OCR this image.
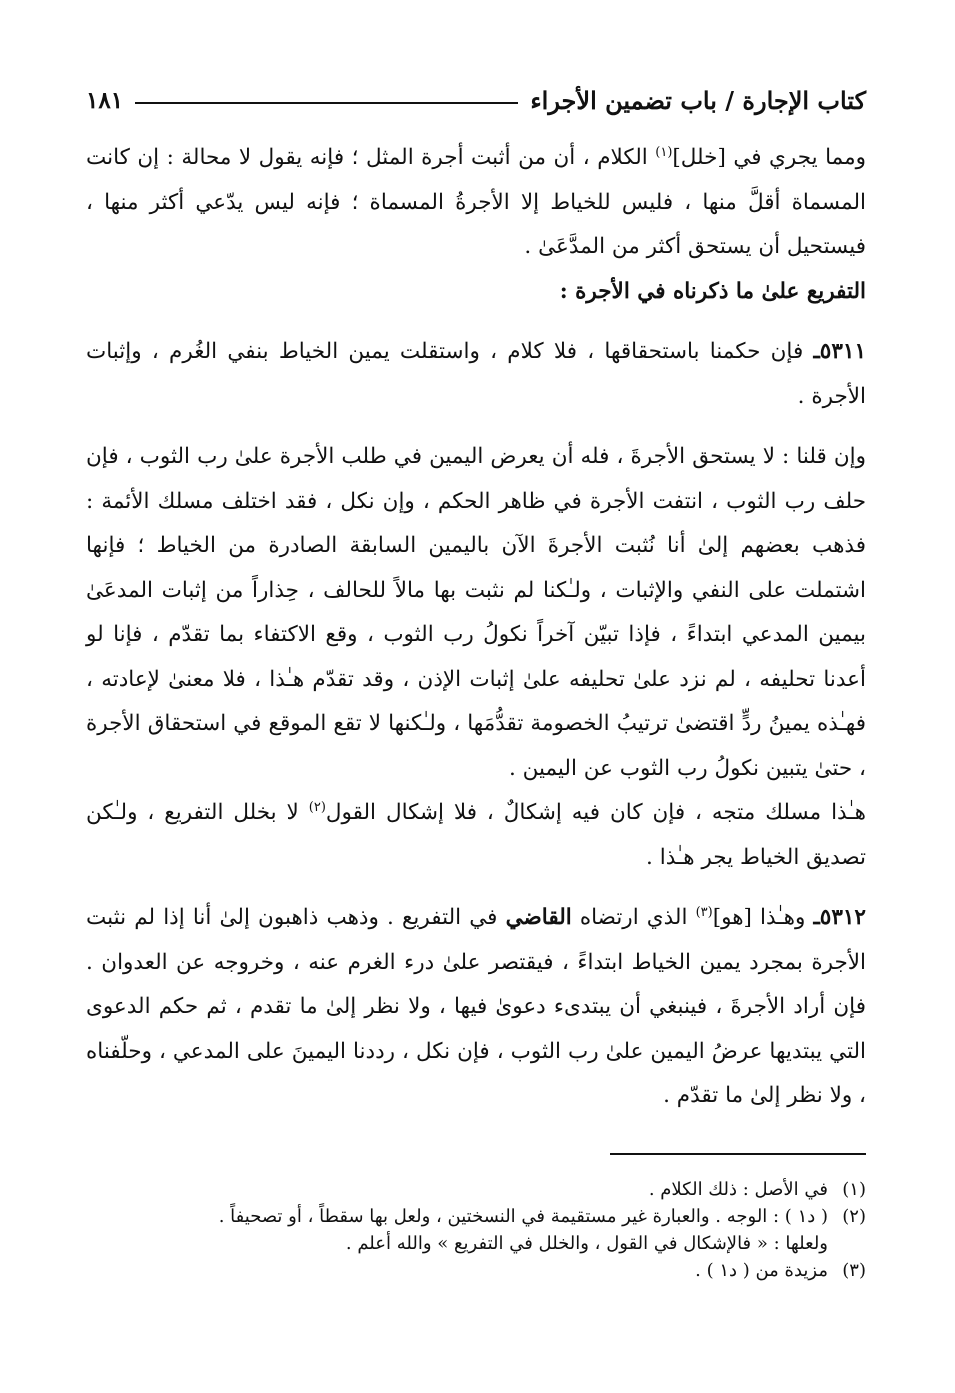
كتاب الإجارة / باب تضمين الأجراء
١٨١

ومما يجري في [خلل]$^{(١)}$ الكلام ، أن من أثبت أجرة المثل ؛ فإنه يقول لا محالة : إن كانت المسماة أقلَّ منها ، فليس للخياط إلا الأجرةُ المسماة ؛ فإنه ليس يدّعي أكثر منها ، فيستحيل أن يستحق أكثر من المدَّعَىٰ .

التفريع علىٰ ما ذكرناه في الأجرة :

٥٣١١ـ فإن حكمنا باستحقاقها ، فلا كلام ، واستقلت يمين الخياط بنفي الغُرم ، وإثبات الأجرة .

وإن قلنا : لا يستحق الأجرةَ ، فله أن يعرض اليمين في طلب الأجرة علىٰ رب الثوب ، فإن حلف رب الثوب ، انتفت الأجرة في ظاهر الحكم ، وإن نكل ، فقد اختلف مسلك الأئمة : فذهب بعضهم إلىٰ أنا نُثبت الأجرةَ الآن باليمين السابقة الصادرة من الخياط ؛ فإنها اشتملت على النفي والإثبات ، ولـٰكنا لم نثبت بها مالاً للحالف ، حِذاراً من إثبات المدعَىٰ بيمين المدعي ابتداءً ، فإذا تبيّن آخراً نكولُ رب الثوب ، وقع الاكتفاء بما تقدّم ، فإنا لو أعدنا تحليفه ، لم نزد علىٰ تحليفه علىٰ إثبات الإذن ، وقد تقدّم هـٰذا ، فلا معنىٰ لإعادته ، فهـٰذه يمينُ ردٍّ اقتضىٰ ترتيبُ الخصومة تقدُّمَها ، ولـٰكنها لا تقع الموقع في استحقاق الأجرة ، حتىٰ يتبين نكولُ رب الثوب عن اليمين .

هـٰذا مسلك متجه ، فإن كان فيه إشكالٌ ، فلا إشكال القول$^{(٢)}$ لا بخلل التفريع ، ولـٰكن تصديق الخياط يجر هـٰذا .

٥٣١٢ـ وهـٰذا [هو]$^{(٣)}$ الذي ارتضاه القاضي في التفريع . وذهب ذاهبون إلىٰ أنا إذا لم نثبت الأجرة بمجرد يمين الخياط ابتداءً ، فيقتصر علىٰ درء الغرم عنه ، وخروجه عن العدوان . فإن أراد الأجرةَ ، فينبغي أن يبتدىء دعوىٰ فيها ، ولا نظر إلىٰ ما تقدم ، ثم حكم الدعوى التي يبتديها عرضُ اليمين علىٰ رب الثوب ، فإن نكل ، رددنا اليمينَ على المدعي ، وحلّفناه ، ولا نظر إلىٰ ما تقدّم .

(١)في الأصل : ذلك الكلام .
(٢)( د١ ) : الوجه . والعبارة غير مستقيمة في النسختين ، ولعل بها سقطاً ، أو تصحيفاً .
ولعلها : « فالإشكال في القول ، والخلل في التفريع » والله أعلم .
(٣)مزيدة من ( د١ ) .
